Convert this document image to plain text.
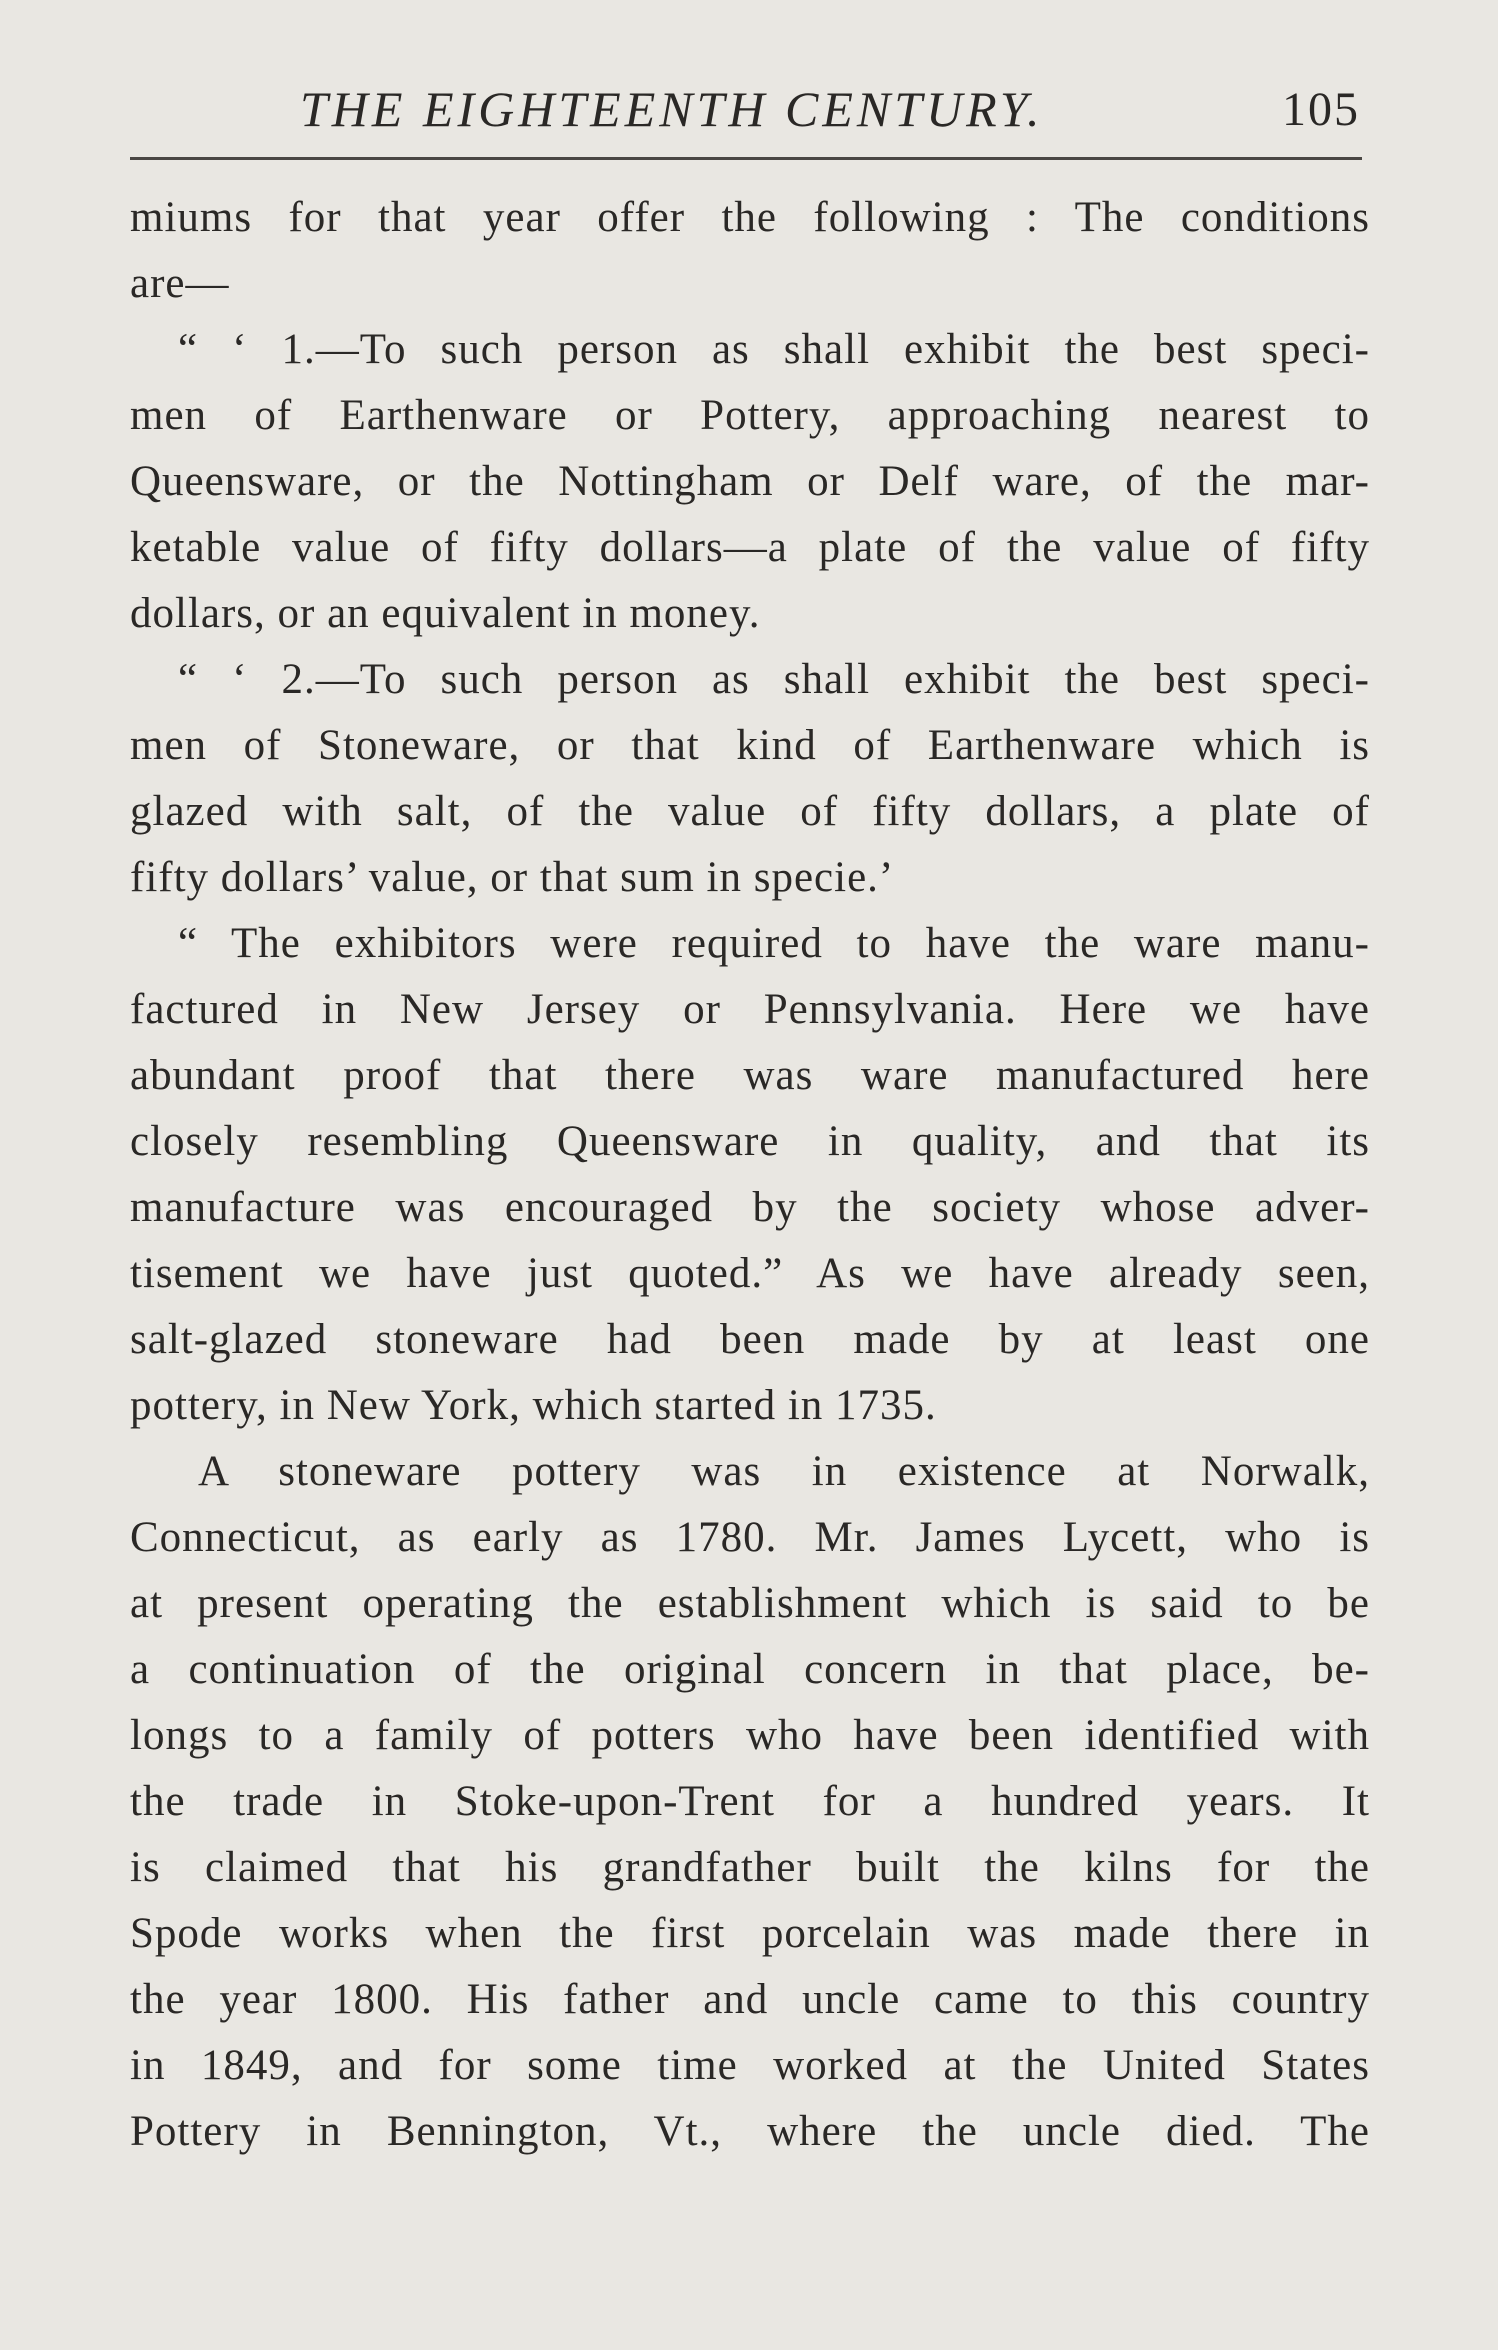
THE EIGHTEENTH CENTURY.	105
miums for that year offer the following : The conditions
are—
“ ‘ 1.—To such person as shall exhibit the best speci-
men of Earthenware or Pottery, approaching nearest to
Queensware, or the Nottingham or Delf ware, of the mar-
ketable value of fifty dollars—a plate of the value of fifty
dollars, or an equivalent in money.
“ ‘ 2.—To such person as shall exhibit the best speci-
men of Stoneware, or that kind of Earthenware which is
glazed with salt, of the value of fifty dollars, a plate of
fifty dollars’ value, or that sum in specie.’
“ The exhibitors were required to have the ware manu-
factured in New Jersey or Pennsylvania. Here we have
abundant proof that there was ware manufactured here
closely resembling Queensware in quality, and that its
manufacture was encouraged by the society whose adver-
tisement we have just quoted.” As we have already seen,
salt-glazed stoneware had been made by at least one
pottery, in New York, which started in 1735.
A stoneware pottery was in existence at Norwalk,
Connecticut, as early as 1780. Mr. James Lycett, who is
at present operating the establishment which is said to be
a continuation of the original concern in that place, be-
longs to a family of potters who have been identified with
the trade in Stoke-upon-Trent for a hundred years. It
is claimed that his grandfather built the kilns for the
Spode works when the first porcelain was made there in
the year 1800. His father and uncle came to this country
in 1849, and for some time worked at the United States
Pottery in Bennington, Vt., where the uncle died. The
